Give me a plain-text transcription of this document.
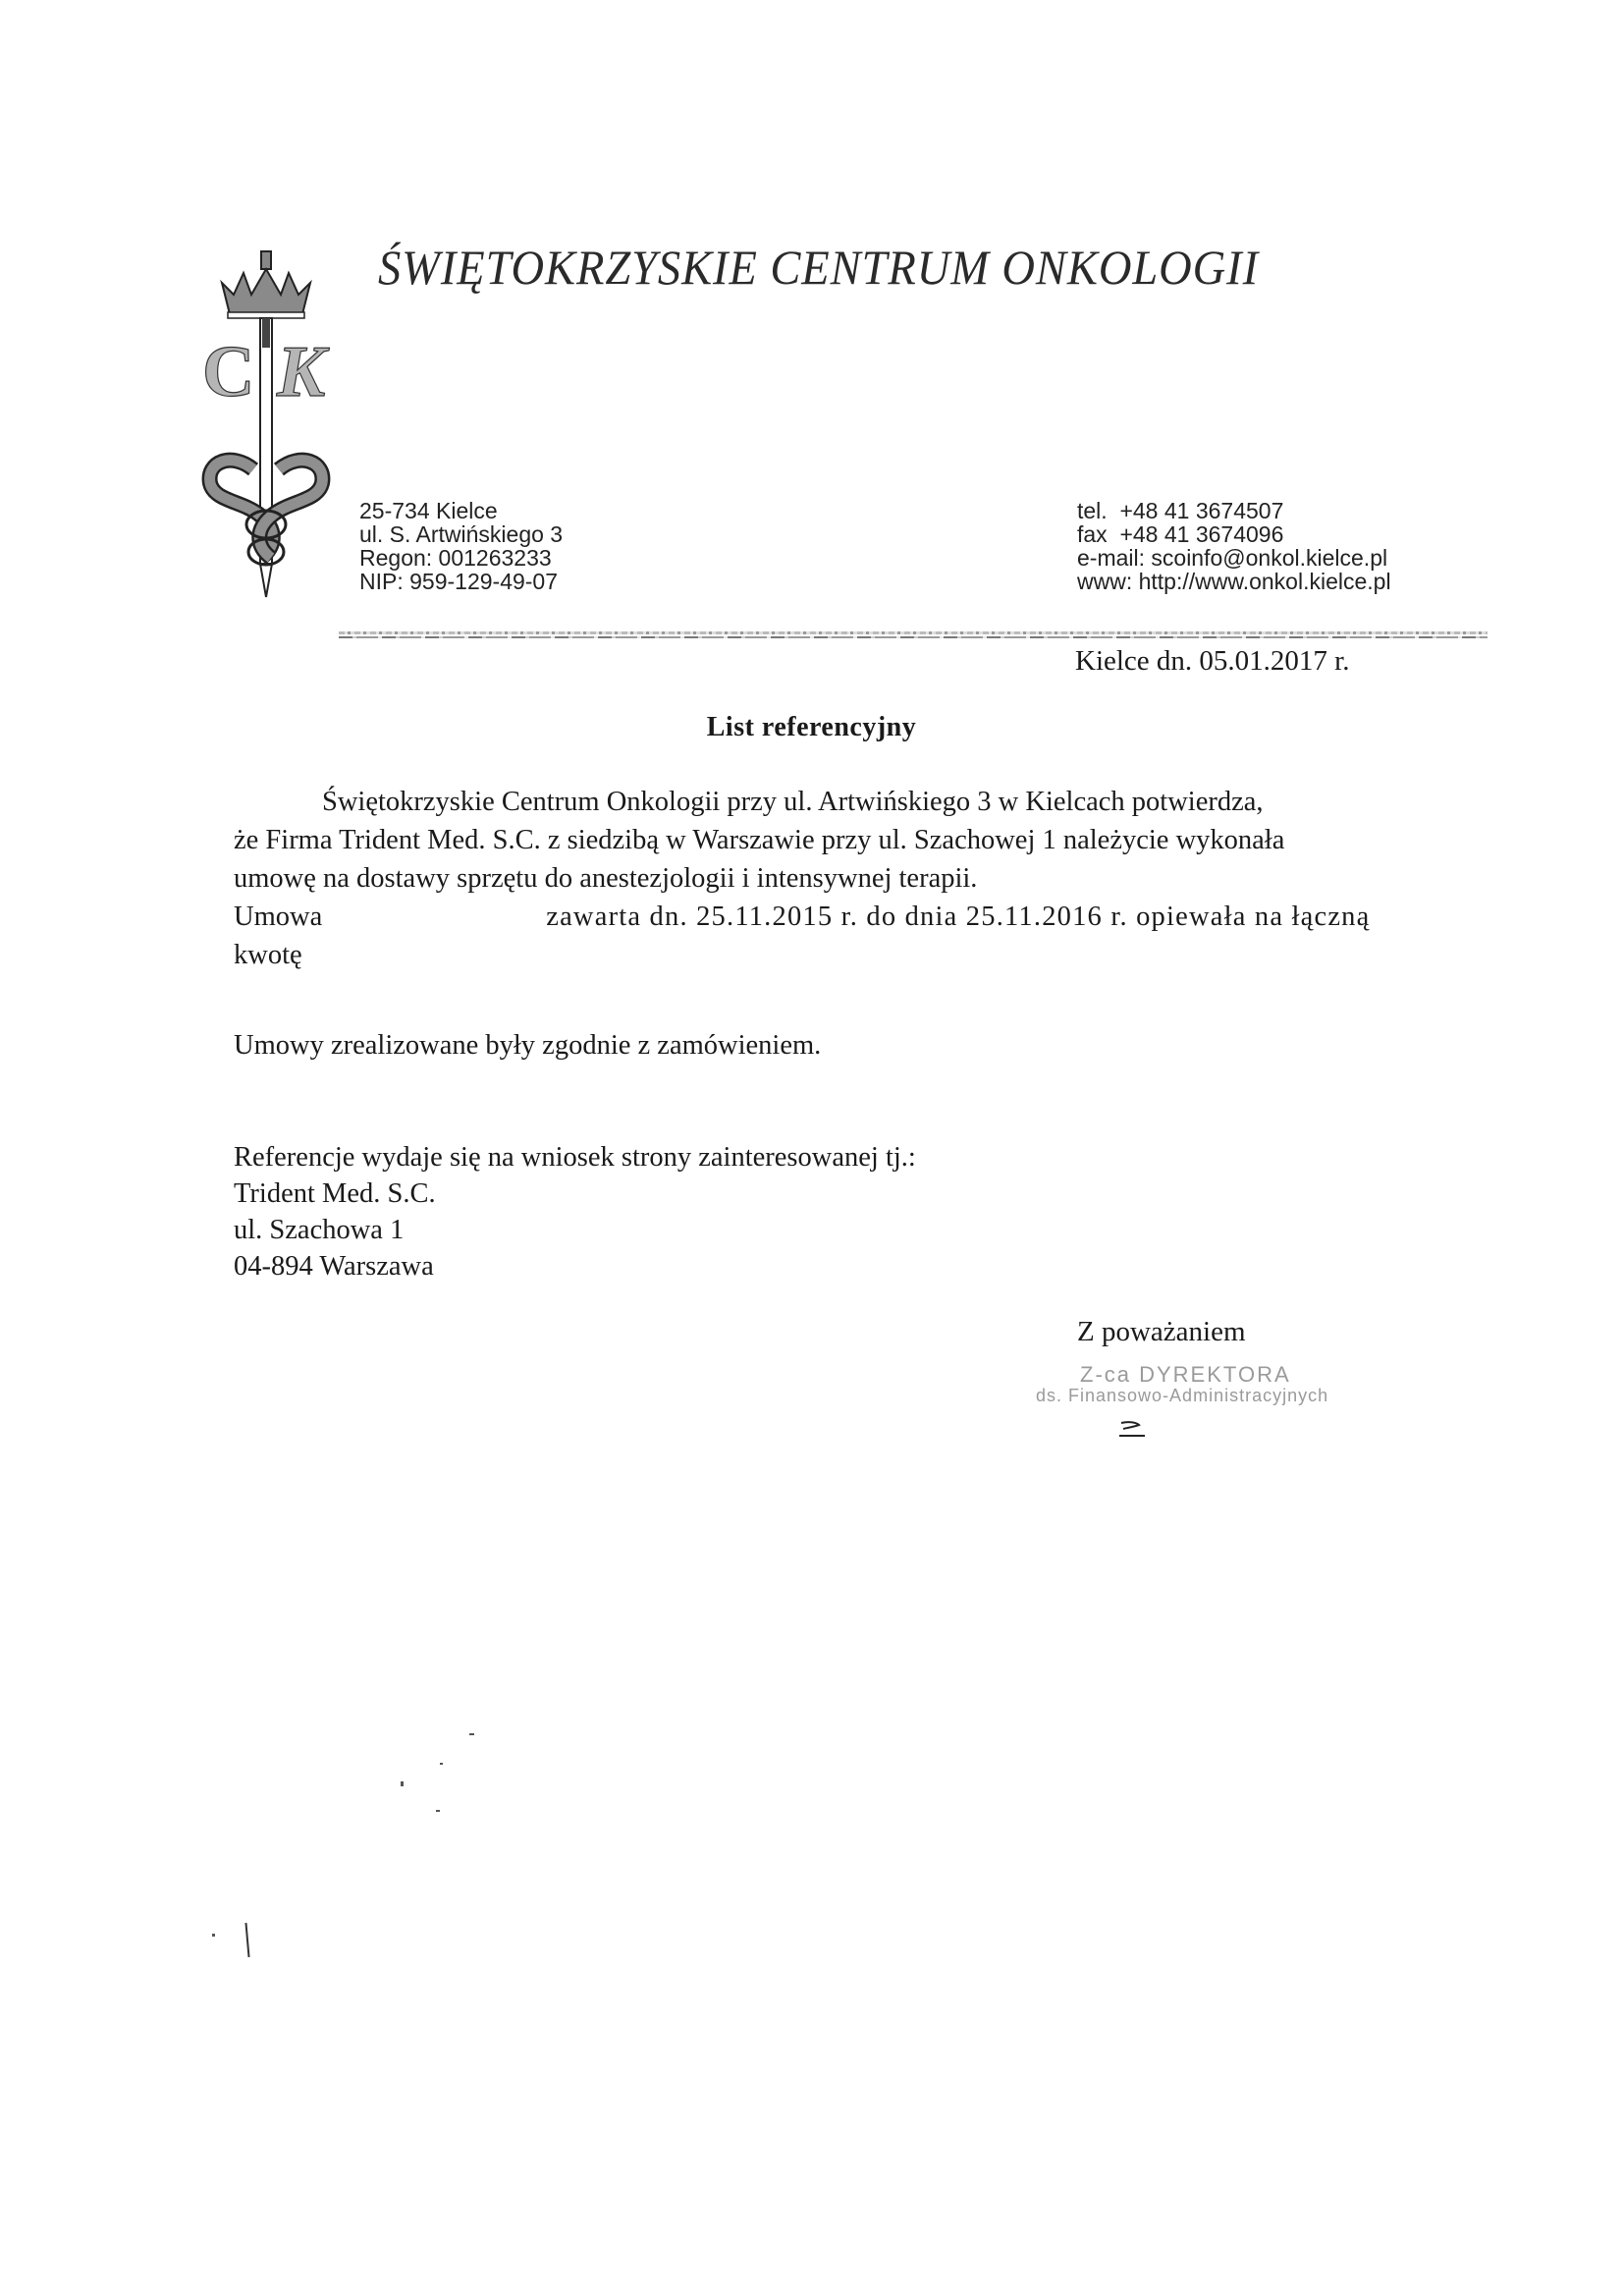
C K
ŚWIĘTOKRZYSKIE CENTRUM ONKOLOGII
25-734 Kielce
ul. S. Artwińskiego 3
Regon: 001263233
NIP: 959-129-49-07
tel.  +48 41 3674507
fax  +48 41 3674096
e-mail: scoinfo@onkol.kielce.pl
www: http://www.onkol.kielce.pl
Kielce dn. 05.01.2017 r.
List referencyjny
Świętokrzyskie Centrum Onkologii przy ul. Artwińskiego 3 w Kielcach potwierdza,
że Firma Trident Med. S.C. z siedzibą w Warszawie przy ul. Szachowej 1 należycie wykonała
umowę na dostawy sprzętu do anestezjologii i intensywnej terapii.
Umowa	zawarta dn. 25.11.2015 r. do dnia 25.11.2016 r. opiewała na łączną
kwotę
Umowy zrealizowane były zgodnie z zamówieniem.
Referencje wydaje się na wniosek strony zainteresowanej tj.:
Trident Med. S.C.
ul. Szachowa 1
04-894 Warszawa
Z poważaniem
Z-ca DYREKTORA
ds. Finansowo-Administracyjnych
